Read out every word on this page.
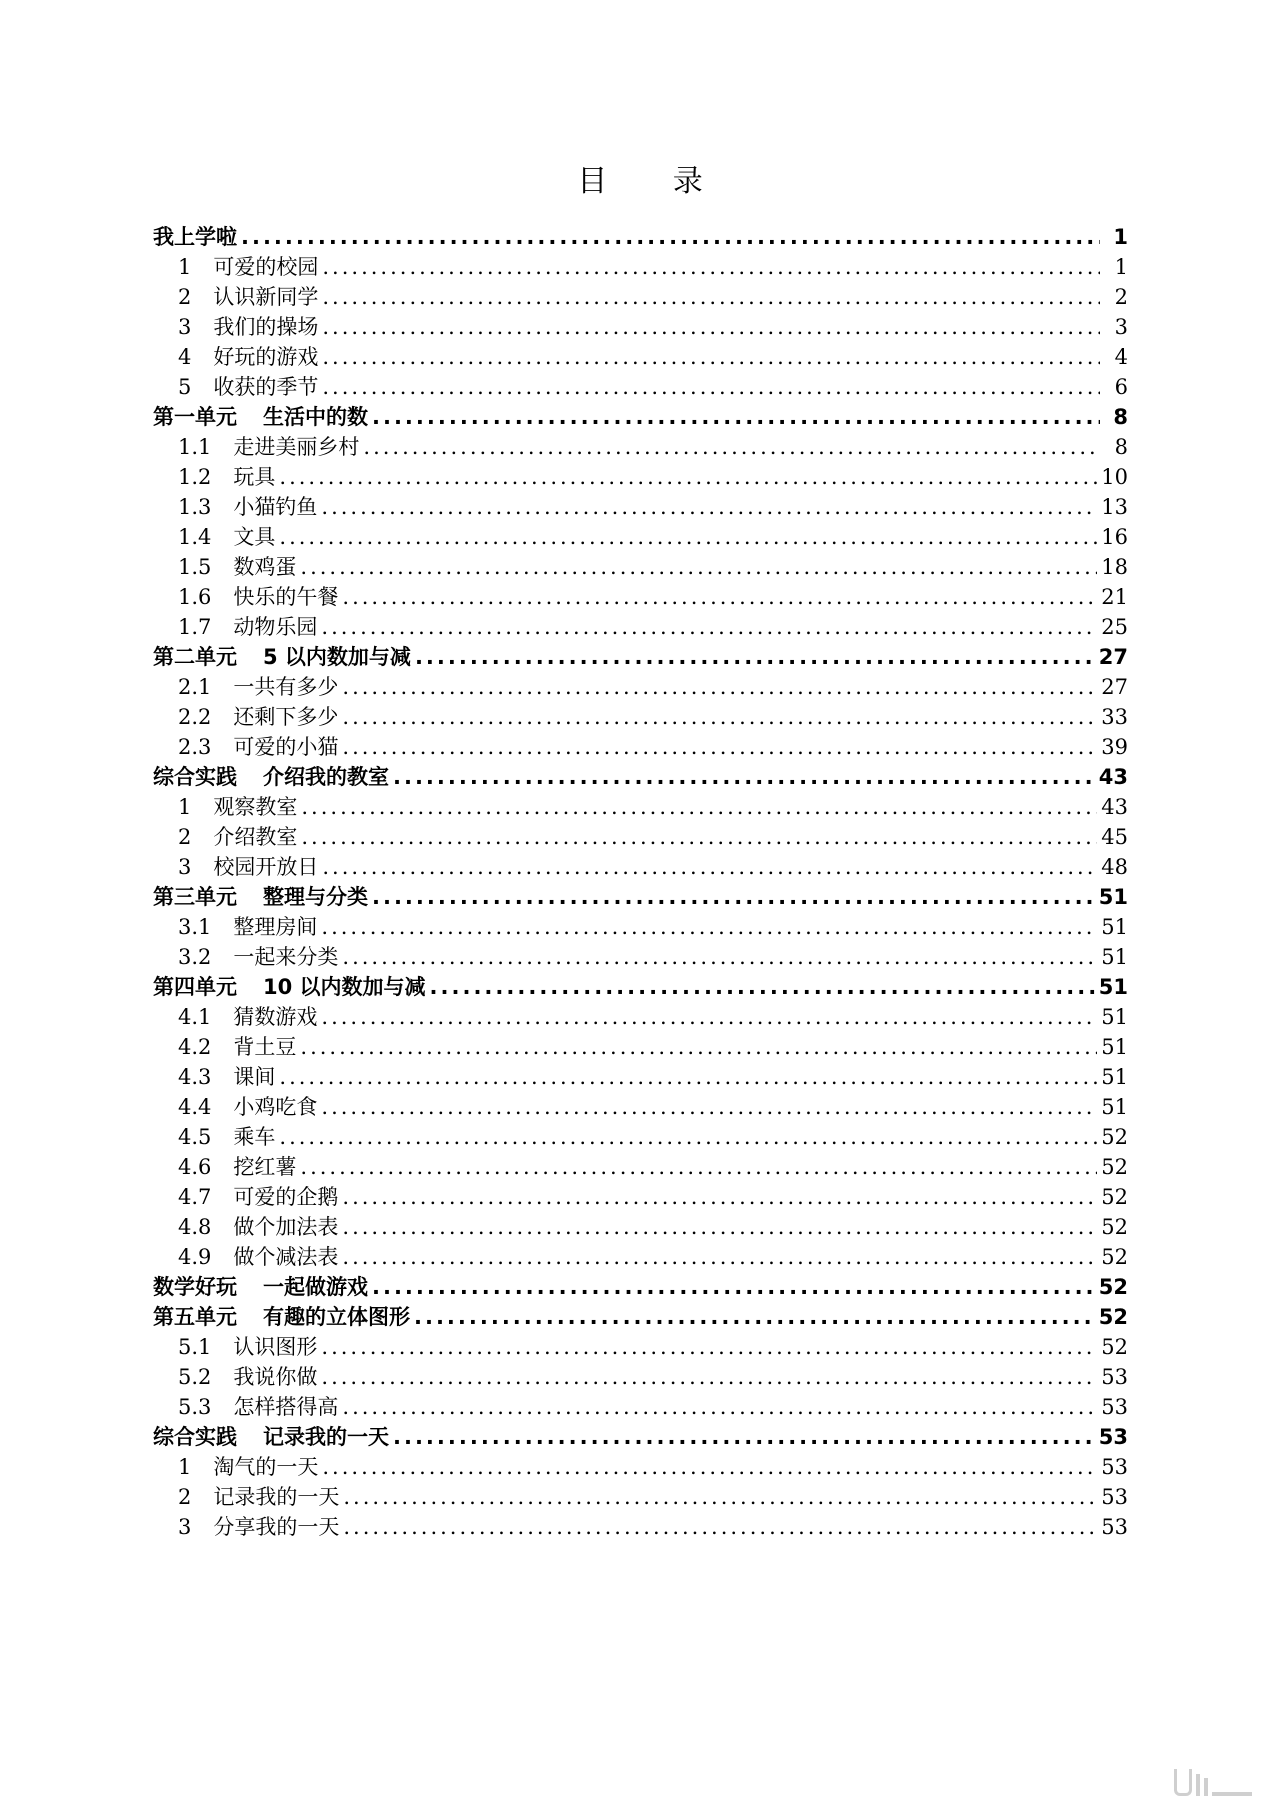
目 录
我上学啦 .....	1
1 可爱的校园 .....	1
2 认识新同学 .....	2
3 我们的操场 .....	3
4 好玩的游戏 .....	4
5 收获的季节 .....	6
第一单元 生活中的数 .....	8
1.1 走进美丽乡村 .....	8
1.2 玩具 .....	10
1.3 小猫钓鱼 .....	13
1.4 文具 .....	16
1.5 数鸡蛋 .....	18
1.6 快乐的午餐 .....	21
1.7 动物乐园 .....	25
第二单元 5 以内数加与减 .....	27
2.1 一共有多少 .....	27
2.2 还剩下多少 .....	33
2.3 可爱的小猫 .....	39
综合实践 介绍我的教室 .....	43
1 观察教室 .....	43
2 介绍教室 .....	45
3 校园开放日 .....	48
第三单元 整理与分类 .....	51
3.1 整理房间 .....	51
3.2 一起来分类 .....	51
第四单元 10 以内数加与减 .....	51
4.1 猜数游戏 .....	51
4.2 背土豆 .....	51
4.3 课间 .....	51
4.4 小鸡吃食 .....	51
4.5 乘车 .....	52
4.6 挖红薯 .....	52
4.7 可爱的企鹅 .....	52
4.8 做个加法表 .....	52
4.9 做个减法表 .....	52
数学好玩 一起做游戏 .....	52
第五单元 有趣的立体图形 .....	52
5.1 认识图形 .....	52
5.2 我说你做 .....	53
5.3 怎样搭得高 .....	53
综合实践 记录我的一天 .....	53
1 淘气的一天 .....	53
2 记录我的一天 .....	53
3 分享我的一天 .....	53
